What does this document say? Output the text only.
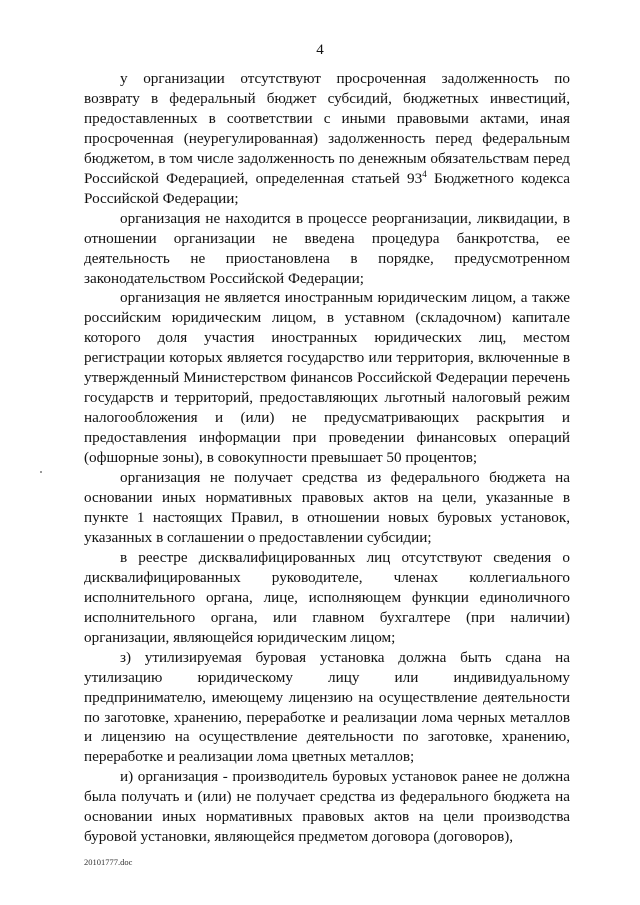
4

у организации отсутствуют просроченная задолженность по возврату в федеральный бюджет субсидий, бюджетных инвестиций, предоставленных в соответствии с иными правовыми актами, иная просроченная (неурегулированная) задолженность перед федеральным бюджетом, в том числе задолженность по денежным обязательствам перед Российской Федерацией, определенная статьей $93^4$ Бюджетного кодекса Российской Федерации;

организация не находится в процессе реорганизации, ликвидации, в отношении организации не введена процедура банкротства, ее деятельность не приостановлена в порядке, предусмотренном законодательством Российской Федерации;

организация не является иностранным юридическим лицом, а также российским юридическим лицом, в уставном (складочном) капитале которого доля участия иностранных юридических лиц, местом регистрации которых является государство или территория, включенные в утвержденный Министерством финансов Российской Федерации перечень государств и территорий, предоставляющих льготный налоговый режим налогообложения и (или) не предусматривающих раскрытия и предоставления информации при проведении финансовых операций (офшорные зоны), в совокупности превышает 50 процентов;

организация не получает средства из федерального бюджета на основании иных нормативных правовых актов на цели, указанные в пункте 1 настоящих Правил, в отношении новых буровых установок, указанных в соглашении о предоставлении субсидии;

в реестре дисквалифицированных лиц отсутствуют сведения о дисквалифицированных руководителе, членах коллегиального исполнительного органа, лице, исполняющем функции единоличного исполнительного органа, или главном бухгалтере (при наличии) организации, являющейся юридическим лицом;

з) утилизируемая буровая установка должна быть сдана на утилизацию юридическому лицу или индивидуальному предпринимателю, имеющему лицензию на осуществление деятельности по заготовке, хранению, переработке и реализации лома черных металлов и лицензию на осуществление деятельности по заготовке, хранению, переработке и реализации лома цветных металлов;

и) организация - производитель буровых установок ранее не должна была получать и (или) не получает средства из федерального бюджета на основании иных нормативных правовых актов на цели производства буровой установки, являющейся предметом договора (договоров),

20101777.doc
